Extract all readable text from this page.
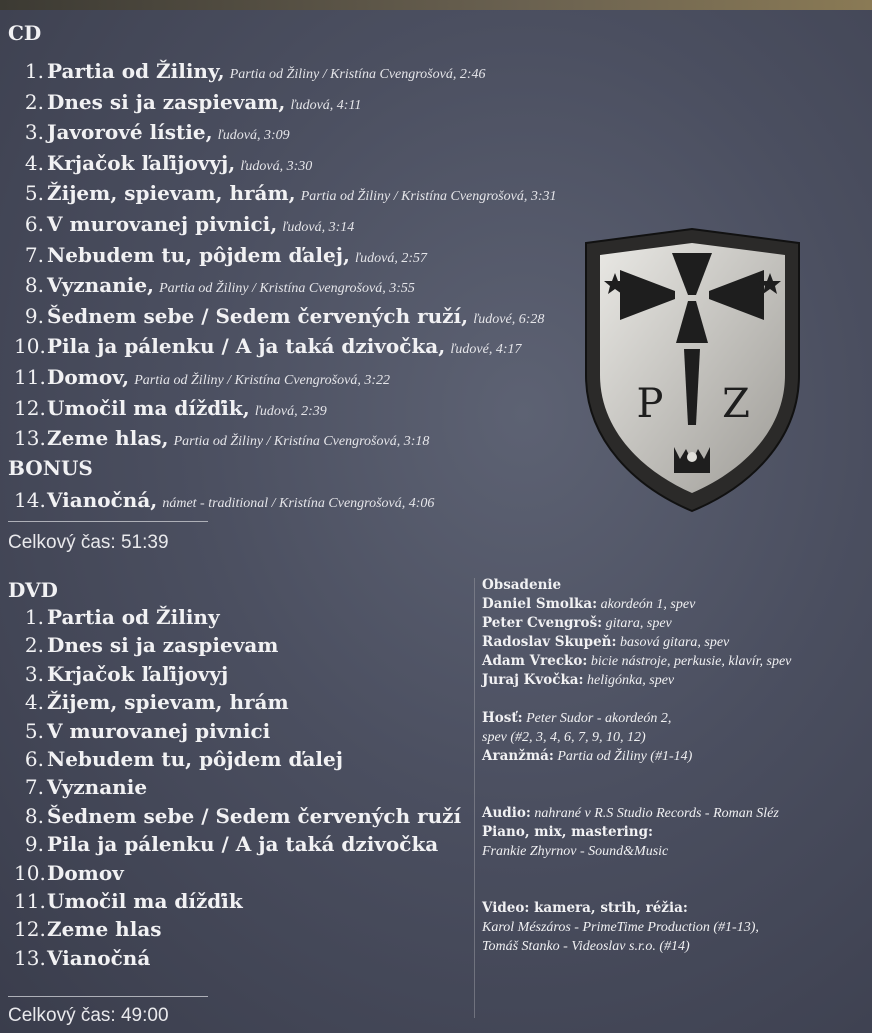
CD
1. Partia od Žiliny, Partia od Žiliny / Kristína Cvengrošová, 2:46
2. Dnes si ja zaspievam, ľudová, 4:11
3. Javorové lístie, ľudová, 3:09
4. Krjačok ľaľijovyj, ľudová, 3:30
5. Žijem, spievam, hrám, Partia od Žiliny / Kristína Cvengrošová, 3:31
6. V murovanej pivnici, ľudová, 3:14
7. Nebudem tu, pôjdem ďalej, ľudová, 2:57
8. Vyznanie, Partia od Žiliny / Kristína Cvengrošová, 3:55
9. Šednem sebe / Sedem červených ruží, ľudové, 6:28
10.Pila ja pálenku / A ja taká dzivočka, ľudové, 4:17
11.Domov, Partia od Žiliny / Kristína Cvengrošová, 3:22
12.Umočil ma dížďik, ľudová, 2:39
13.Zeme hlas, Partia od Žiliny / Kristína Cvengrošová, 3:18
BONUS
14.Vianočná, námet - traditional / Kristína Cvengrošová, 4:06
Celkový čas: 51:39
DVD
1. Partia od Žiliny
2. Dnes si ja zaspievam
3. Krjačok ľaľijovyj
4. Žijem, spievam, hrám
5. V murovanej pivnici
6. Nebudem tu, pôjdem ďalej
7. Vyznanie
8. Šednem sebe / Sedem červených ruží
9. Pila ja pálenku / A ja taká dzivočka
10.Domov
11.Umočil ma dížďik
12.Zeme hlas
13.Vianočná
Celkový čas: 49:00
P Z
Obsadenie
Daniel Smolka: akordeón 1, spev
Peter Cvengroš: gitara, spev
Radoslav Skupeň: basová gitara, spev
Adam Vrecko: bicie nástroje, perkusie, klavír, spev
Juraj Kvočka: heligónka, spev
Hosť: Peter Sudor - akordeón 2,
spev (#2, 3, 4, 6, 7, 9, 10, 12)
Aranžmá: Partia od Žiliny (#1-14)
Audio: nahrané v R.S Studio Records - Roman Sléz
Piano, mix, mastering:
Frankie Zhyrnov - Sound&Music
Video: kamera, strih, réžia:
Karol Mészáros - PrimeTime Production (#1-13),
Tomáš Stanko - Videoslav s.r.o. (#14)
